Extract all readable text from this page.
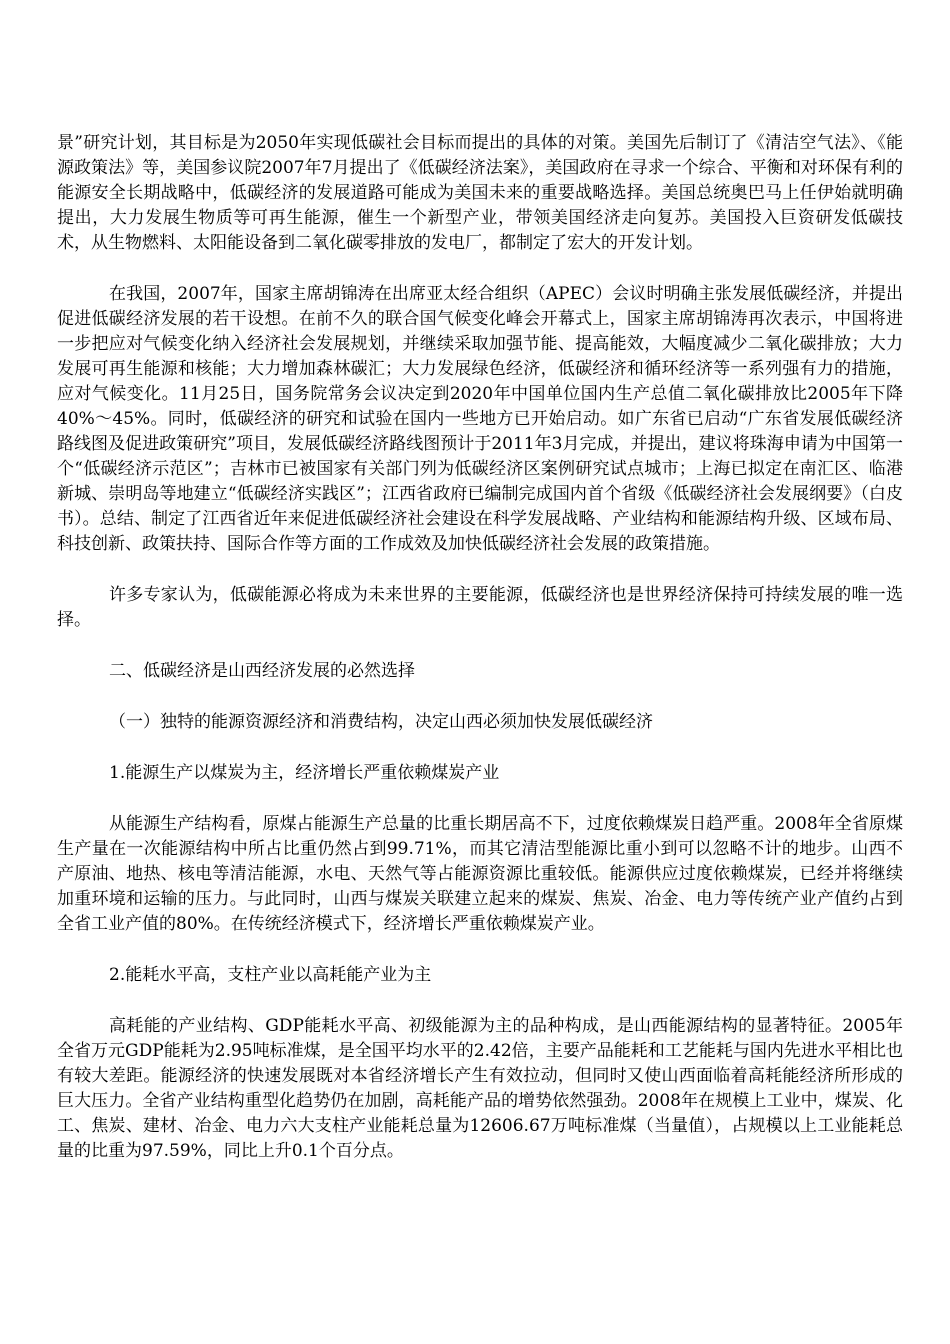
景”研究计划，其目标是为2050年实现低碳社会目标而提出的具体的对策。美国先后制订了《清洁空气法》、《能源政策法》等，美国参议院2007年7月提出了《低碳经济法案》，美国政府在寻求一个综合、平衡和对环保有利的能源安全长期战略中，低碳经济的发展道路可能成为美国未来的重要战略选择。美国总统奥巴马上任伊始就明确提出，大力发展生物质等可再生能源，催生一个新型产业，带领美国经济走向复苏。美国投入巨资研发低碳技术，从生物燃料、太阳能设备到二氧化碳零排放的发电厂，都制定了宏大的开发计划。

在我国，2007年，国家主席胡锦涛在出席亚太经合组织（APEC）会议时明确主张发展低碳经济，并提出促进低碳经济发展的若干设想。在前不久的联合国气候变化峰会开幕式上，国家主席胡锦涛再次表示，中国将进一步把应对气候变化纳入经济社会发展规划，并继续采取加强节能、提高能效，大幅度减少二氧化碳排放；大力发展可再生能源和核能；大力增加森林碳汇；大力发展绿色经济，低碳经济和循环经济等一系列强有力的措施，应对气候变化。11月25日，国务院常务会议决定到2020年中国单位国内生产总值二氧化碳排放比2005年下降40%～45%。同时，低碳经济的研究和试验在国内一些地方已开始启动。如广东省已启动“广东省发展低碳经济路线图及促进政策研究”项目，发展低碳经济路线图预计于2011年3月完成，并提出，建议将珠海申请为中国第一个“低碳经济示范区”；吉林市已被国家有关部门列为低碳经济区案例研究试点城市；上海已拟定在南汇区、临港新城、崇明岛等地建立“低碳经济实践区”；江西省政府已编制完成国内首个省级《低碳经济社会发展纲要》（白皮书）。总结、制定了江西省近年来促进低碳经济社会建设在科学发展战略、产业结构和能源结构升级、区域布局、科技创新、政策扶持、国际合作等方面的工作成效及加快低碳经济社会发展的政策措施。

许多专家认为，低碳能源必将成为未来世界的主要能源，低碳经济也是世界经济保持可持续发展的唯一选择。

二、低碳经济是山西经济发展的必然选择

（一）独特的能源资源经济和消费结构，决定山西必须加快发展低碳经济

1.能源生产以煤炭为主，经济增长严重依赖煤炭产业

从能源生产结构看，原煤占能源生产总量的比重长期居高不下，过度依赖煤炭日趋严重。2008年全省原煤生产量在一次能源结构中所占比重仍然占到99.71%，而其它清洁型能源比重小到可以忽略不计的地步。山西不产原油、地热、核电等清洁能源，水电、天然气等占能源资源比重较低。能源供应过度依赖煤炭，已经并将继续加重环境和运输的压力。与此同时，山西与煤炭关联建立起来的煤炭、焦炭、冶金、电力等传统产业产值约占到全省工业产值的80%。在传统经济模式下，经济增长严重依赖煤炭产业。

2.能耗水平高，支柱产业以高耗能产业为主

高耗能的产业结构、GDP能耗水平高、初级能源为主的品种构成，是山西能源结构的显著特征。2005年全省万元GDP能耗为2.95吨标准煤，是全国平均水平的2.42倍，主要产品能耗和工艺能耗与国内先进水平相比也有较大差距。能源经济的快速发展既对本省经济增长产生有效拉动，但同时又使山西面临着高耗能经济所形成的巨大压力。全省产业结构重型化趋势仍在加剧，高耗能产品的增势依然强劲。2008年在规模上工业中，煤炭、化工、焦炭、建材、冶金、电力六大支柱产业能耗总量为12606.67万吨标准煤（当量值），占规模以上工业能耗总量的比重为97.59%，同比上升0.1个百分点。
